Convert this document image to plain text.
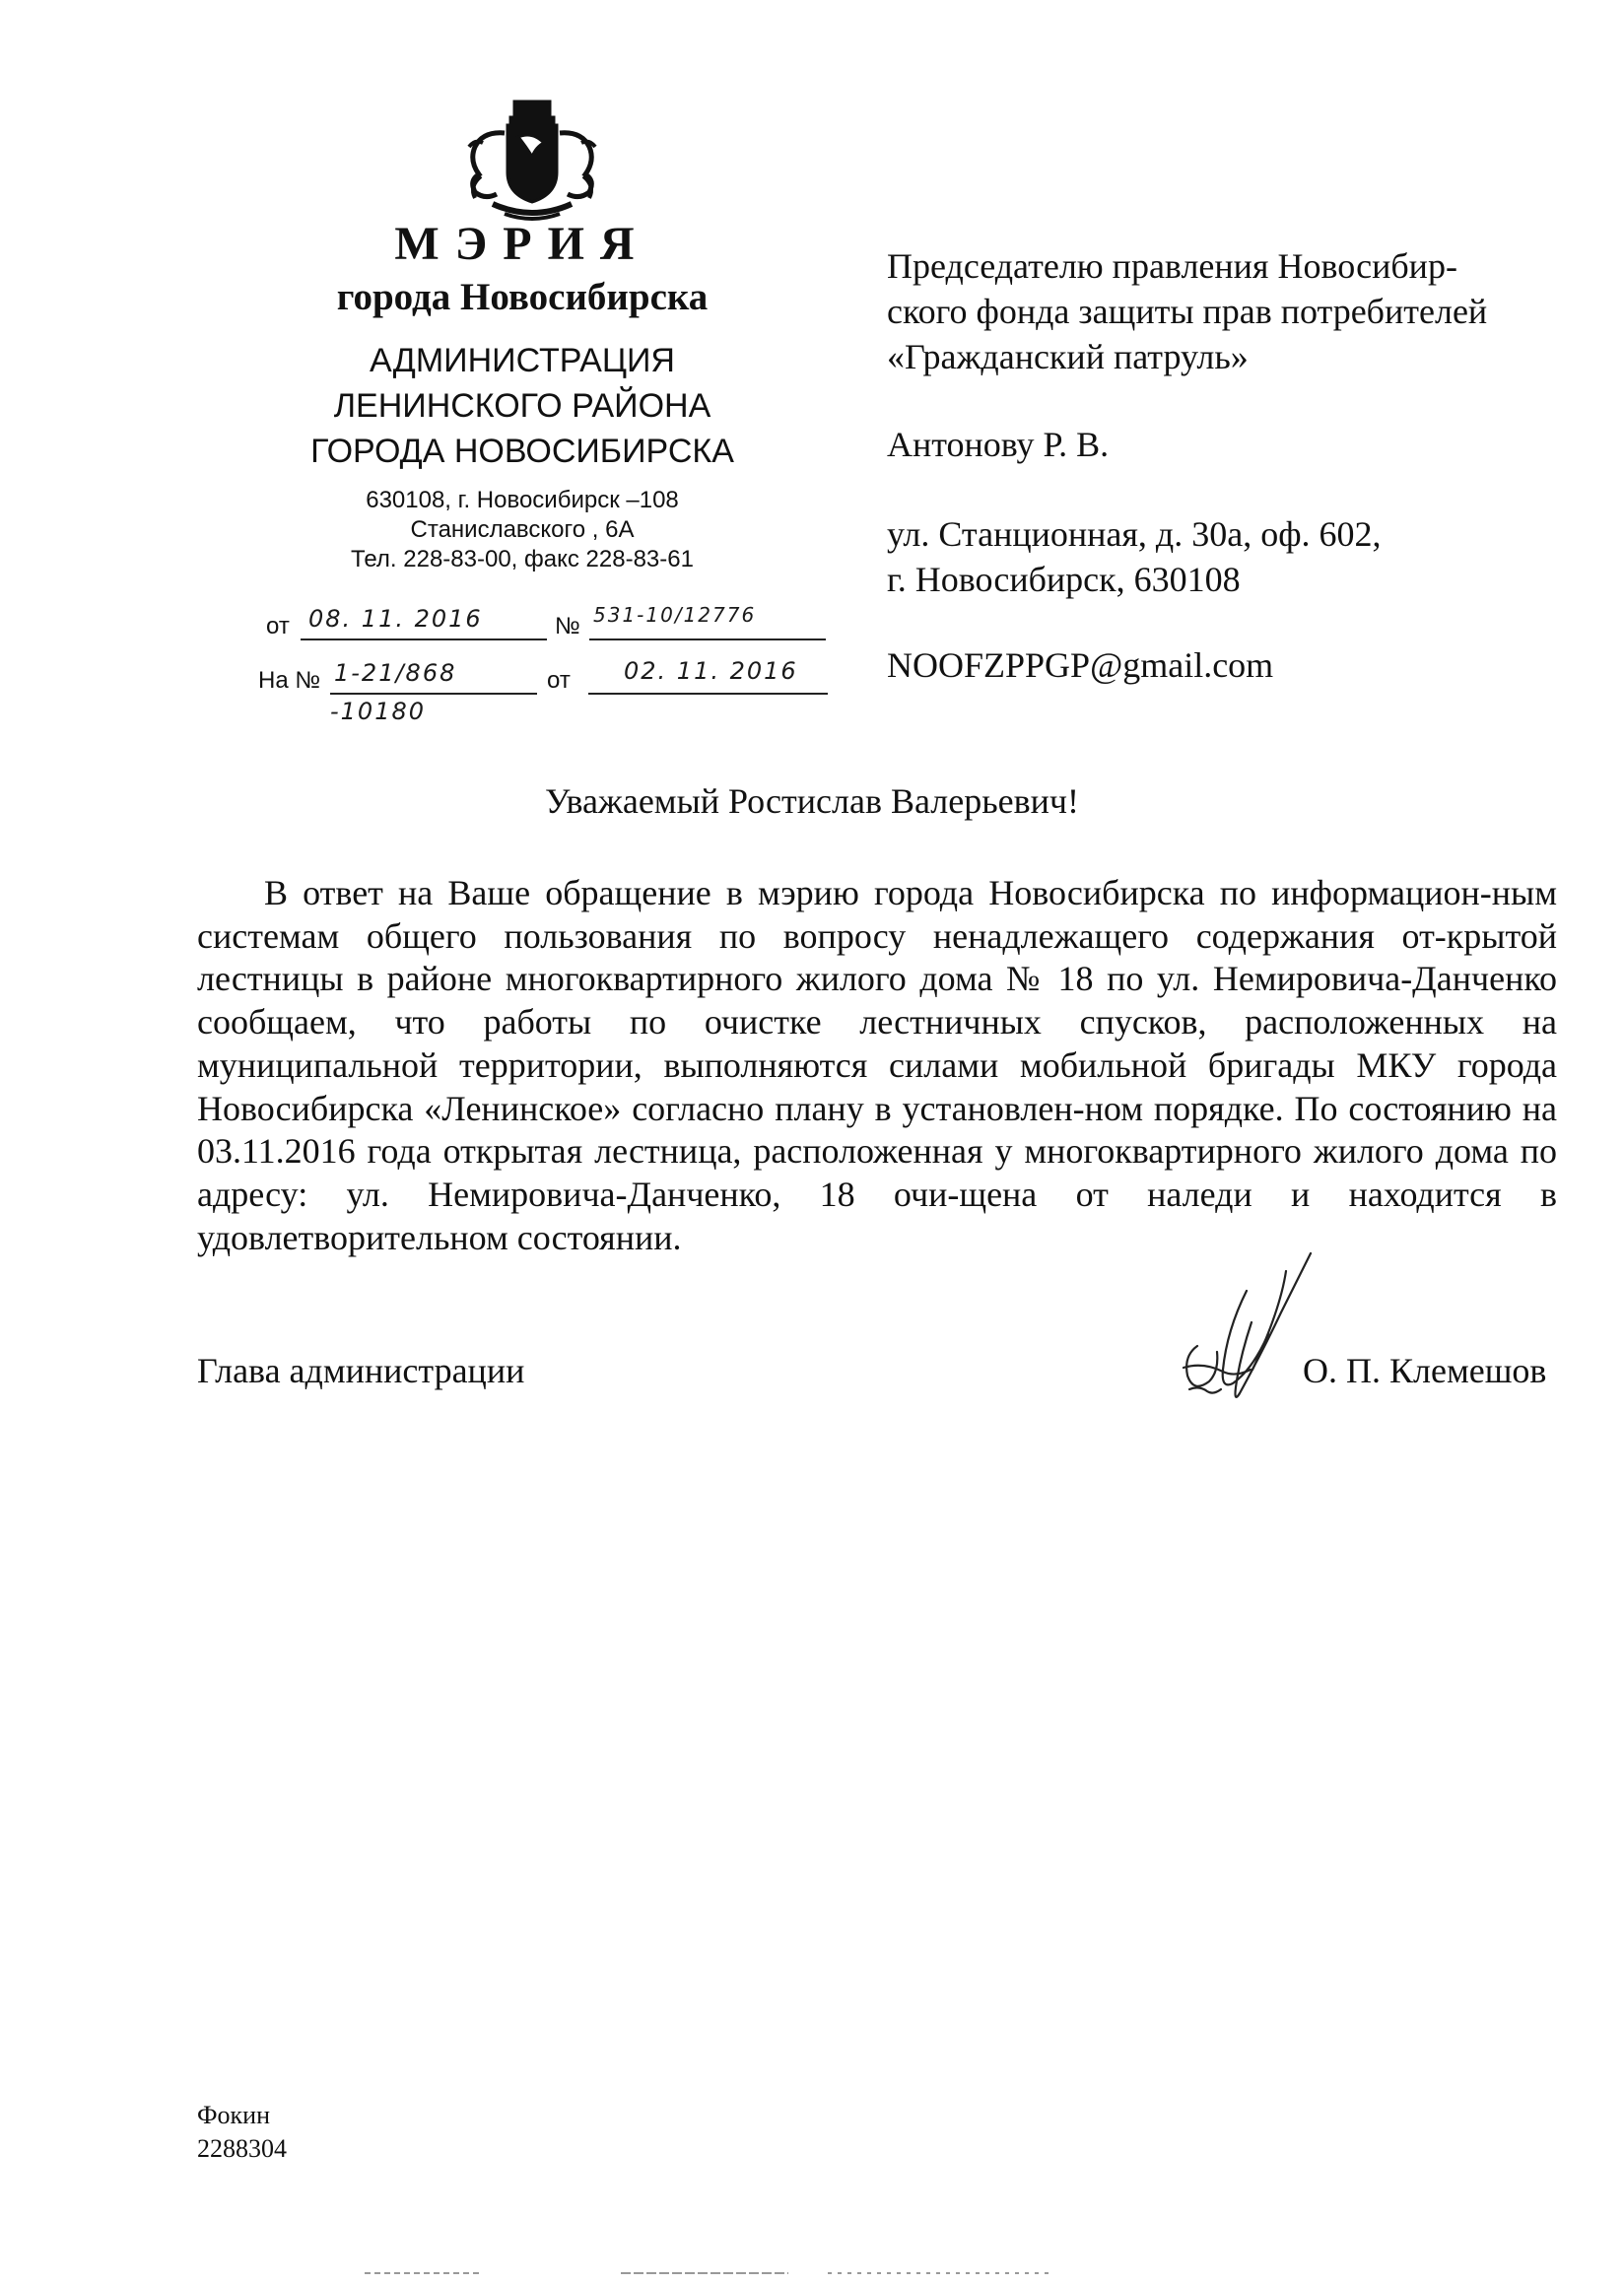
МЭРИЯ
города Новосибирска
АДМИНИСТРАЦИЯ
ЛЕНИНСКОГО РАЙОНА
ГОРОДА НОВОСИБИРСКА
630108, г. Новосибирск –108
Станиславского , 6А
Тел. 228-83-00, факс 228-83-61
от 08. 11. 2016	№ 531-10/12776
На № 1-21/868	от 02. 11. 2016
-10180
Председателю правления Новосибир-
ского фонда защиты прав потребителей
«Гражданский патруль»
Антонову Р. В.
ул. Станционная, д. 30а, оф. 602,
г. Новосибирск, 630108
NOOFZPPGP@gmail.com
Уважаемый Ростислав Валерьевич!
В ответ на Ваше обращение в мэрию города Новосибирска по информацион-ным системам общего пользования по вопросу ненадлежащего содержания от-крытой лестницы в районе многоквартирного жилого дома № 18 по ул. Немировича-Данченко сообщаем, что работы по очистке лестничных спусков, расположенных на муниципальной территории, выполняются силами мобильной бригады МКУ города Новосибирска «Ленинское» согласно плану в установлен-ном порядке. По состоянию на 03.11.2016 года открытая лестница, расположенная у многоквартирного жилого дома по адресу: ул. Немировича-Данченко, 18 очи-щена от наледи и находится в удовлетворительном состоянии.
Глава администрации	О. П. Клемешов
Фокин
2288304
